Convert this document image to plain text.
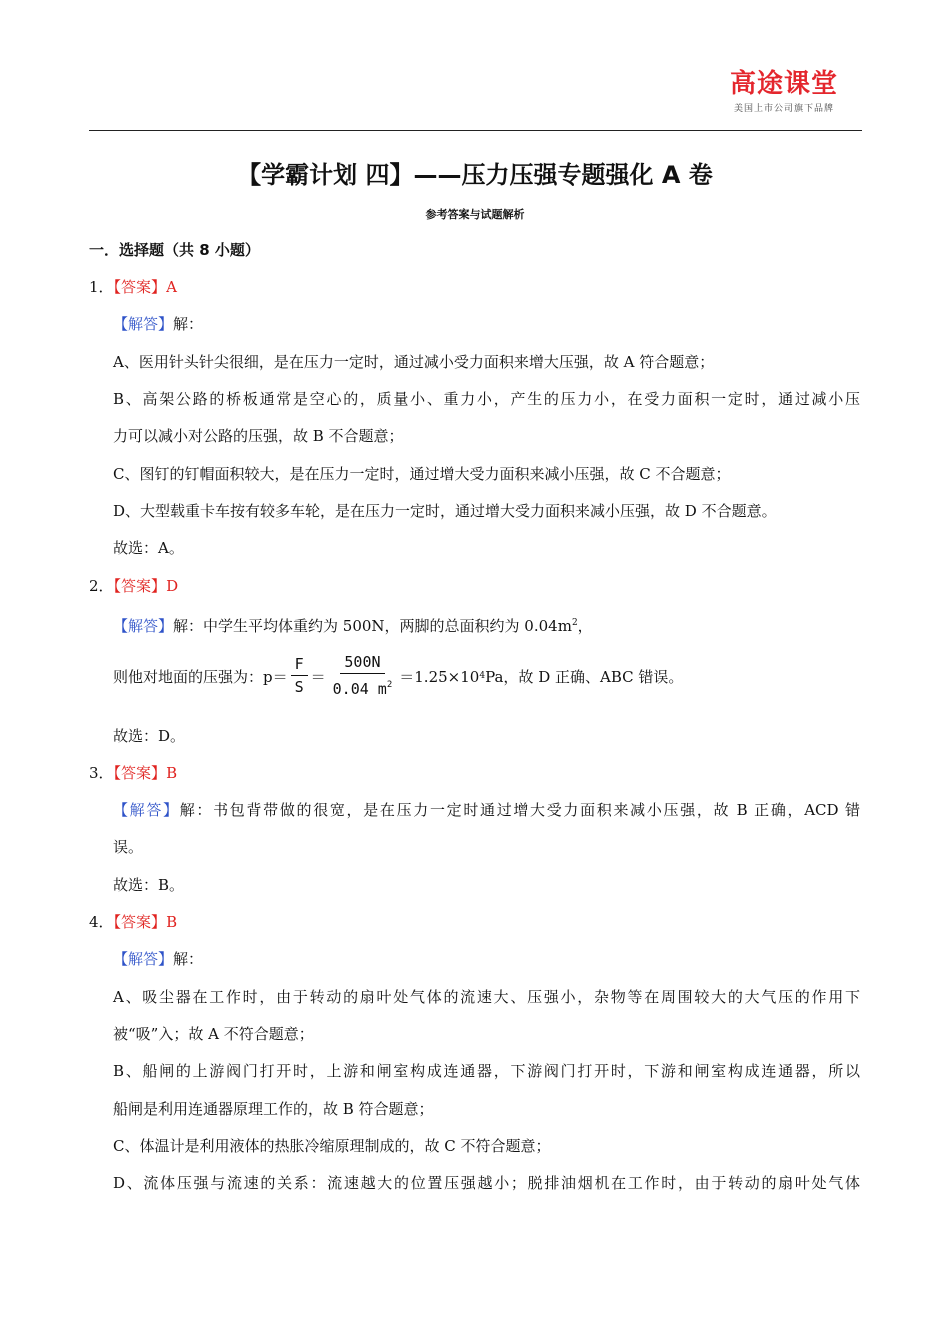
高途课堂
美国上市公司旗下品牌
【学霸计划 四】——压力压强专题强化 A 卷
参考答案与试题解析
一．选择题（共 8 小题）
1．【答案】A
【解答】解：
A、医用针头针尖很细，是在压力一定时，通过减小受力面积来增大压强，故 A 符合题意；
B、高架公路的桥板通常是空心的，质量小、重力小，产生的压力小，在受力面积一定时，通过减小压
力可以减小对公路的压强，故 B 不合题意；
C、图钉的钉帽面积较大，是在压力一定时，通过增大受力面积来减小压强，故 C 不合题意；
D、大型载重卡车按有较多车轮，是在压力一定时，通过增大受力面积来减小压强，故 D 不合题意。
故选：A。
2．【答案】D
【解答】解：中学生平均体重约为 500N，两脚的总面积约为 $0.04m^2$，
则他对地面的压强为：$p= \frac{F}{S} = \frac{500N}{0.04 m^2} =1.25\times 10$ 4 Pa，故 D 正确、ABC 错误。
故选：D。
3．【答案】B
【解答】解：书包背带做的很宽，是在压力一定时通过增大受力面积来减小压强，故 B 正确，ACD 错
误。
故选：B。
4．【答案】B
【解答】解：
A、吸尘器在工作时，由于转动的扇叶处气体的流速大、压强小，杂物等在周围较大的大气压的作用下
被“吸”入；故 A 不符合题意；
B、船闸的上游阀门打开时，上游和闸室构成连通器，下游阀门打开时，下游和闸室构成连通器，所以
船闸是利用连通器原理工作的，故 B 符合题意；
C、体温计是利用液体的热胀冷缩原理制成的，故 C 不符合题意；
D、流体压强与流速的关系：流速越大的位置压强越小；脱排油烟机在工作时，由于转动的扇叶处气体
